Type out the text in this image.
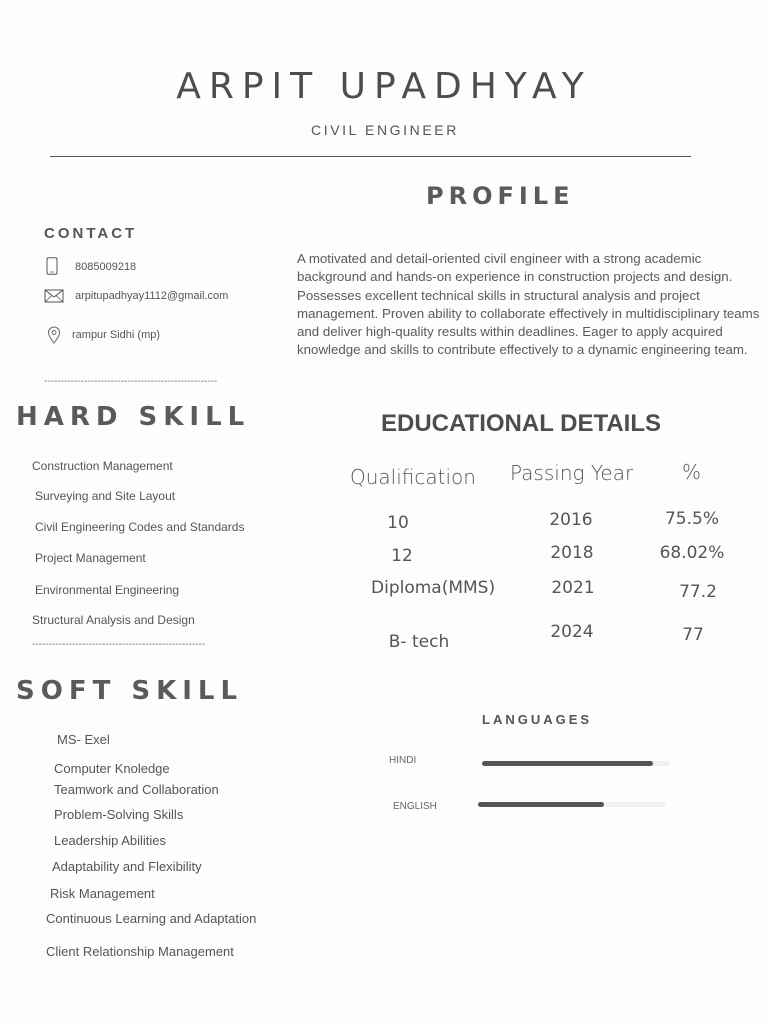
ARPIT UPADHYAY
CIVIL ENGINEER
PROFILE
A motivated and detail-oriented civil engineer with a strong academic background and hands-on experience in construction projects and design. Possesses excellent technical skills in structural analysis and project management. Proven ability to collaborate effectively in multidisciplinary teams and deliver high-quality results within deadlines. Eager to apply acquired knowledge and skills to contribute effectively to a dynamic engineering team.
CONTACT
8085009218
arpitupadhyay1112@gmail.com
rampur Sidhi (mp)
----------------------------------------------------
HARD SKILL
Construction Management
Surveying and Site Layout
Civil Engineering Codes and Standards
Project Management
Environmental Engineering
Structural Analysis and Design
----------------------------------------------------
SOFT SKILL
MS- Exel
Computer Knoledge
Teamwork and Collaboration
Problem-Solving Skills
Leadership Abilities
Adaptability and Flexibility
Risk Management
Continuous Learning and Adaptation
Client Relationship Management
EDUCATIONAL DETAILS
Qualification Passing Year %
10	2016	75.5%
12	2018	68.02%
Diploma(MMS)	2021	77.2
B- tech	2024	77
LANGUAGES
HINDI
ENGLISH
